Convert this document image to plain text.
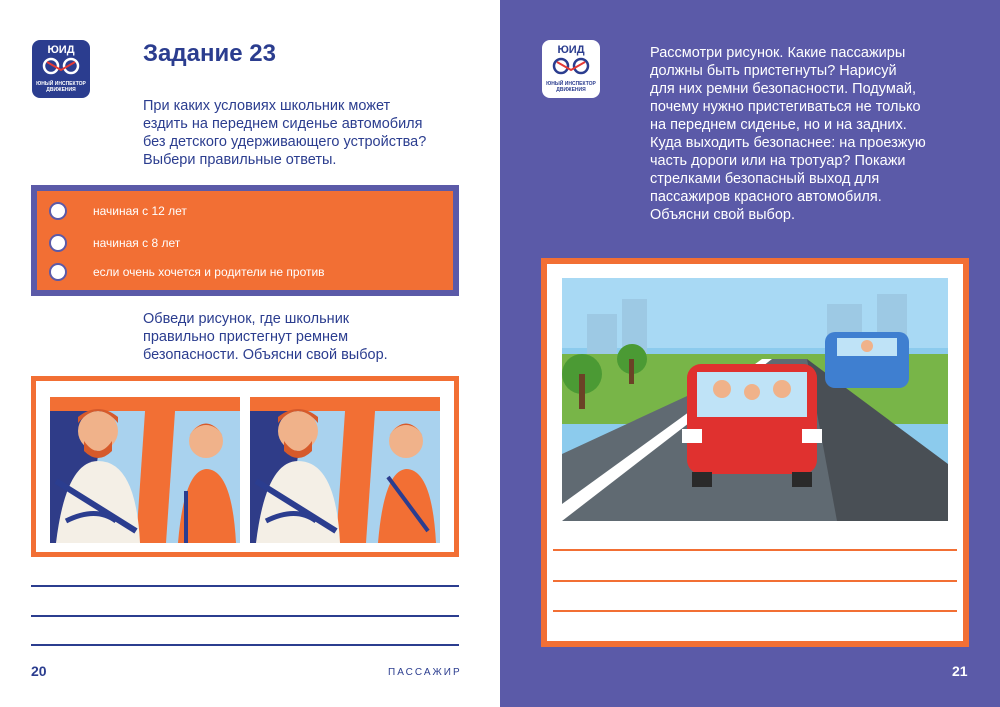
ЮИД
ЮНЫЙ ИНСПЕКТОР ДВИЖЕНИЯ
Задание 23
При каких условиях школьник может
ездить на переднем сиденье автомобиля
без детского удерживающего устройства?
Выбери правильные ответы.
начиная с 12 лет
начиная с 8 лет
если очень хочется и родители не против
Обведи рисунок, где школьник
правильно пристегнут ремнем
безопасности. Объясни свой выбор.
20	ПАССАЖИР
ЮИД
ЮНЫЙ ИНСПЕКТОР ДВИЖЕНИЯ
Рассмотри рисунок. Какие пассажиры
должны быть пристегнуты? Нарисуй
для них ремни безопасности. Подумай,
почему нужно пристегиваться не только
на переднем сиденье, но и на задних.
Куда выходить безопаснее: на проезжую
часть дороги или на тротуар? Покажи
стрелками безопасный выход для
пассажиров красного автомобиля.
Объясни свой выбор.
21
